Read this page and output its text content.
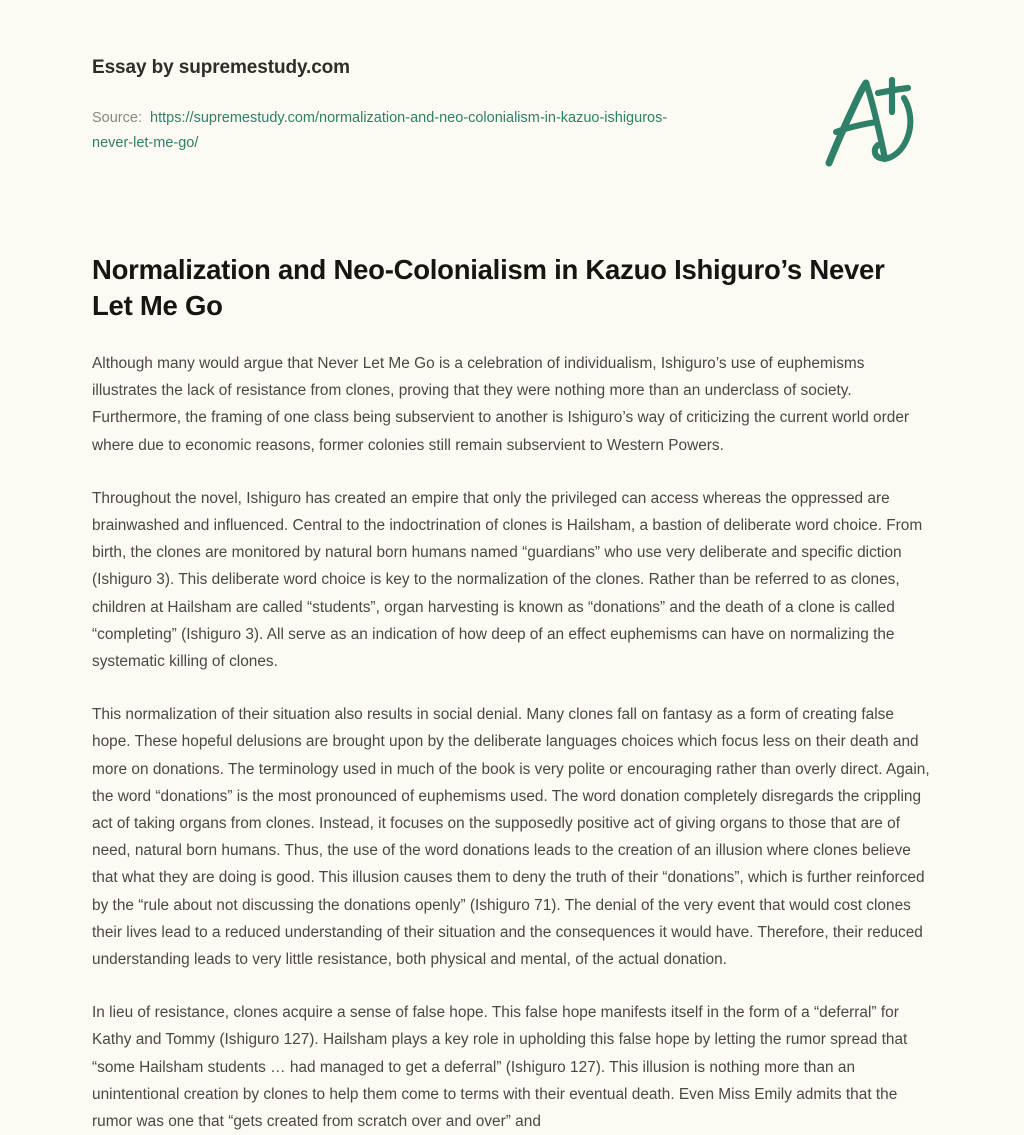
Essay by supremestudy.com
Source: https://supremestudy.com/normalization-and-neo-colonialism-in-kazuo-ishiguros-never-let-me-go/
Normalization and Neo-Colonialism in Kazuo Ishiguro’s Never Let Me Go

Although many would argue that Never Let Me Go is a celebration of individualism, Ishiguro’s use of euphemisms illustrates the lack of resistance from clones, proving that they were nothing more than an underclass of society. Furthermore, the framing of one class being subservient to another is Ishiguro’s way of criticizing the current world order where due to economic reasons, former colonies still remain subservient to Western Powers.

Throughout the novel, Ishiguro has created an empire that only the privileged can access whereas the oppressed are brainwashed and influenced. Central to the indoctrination of clones is Hailsham, a bastion of deliberate word choice. From birth, the clones are monitored by natural born humans named “guardians” who use very deliberate and specific diction (Ishiguro 3). This deliberate word choice is key to the normalization of the clones. Rather than be referred to as clones, children at Hailsham are called “students”, organ harvesting is known as “donations” and the death of a clone is called “completing” (Ishiguro 3). All serve as an indication of how deep of an effect euphemisms can have on normalizing the systematic killing of clones.

This normalization of their situation also results in social denial. Many clones fall on fantasy as a form of creating false hope. These hopeful delusions are brought upon by the deliberate languages choices which focus less on their death and more on donations. The terminology used in much of the book is very polite or encouraging rather than overly direct. Again, the word “donations” is the most pronounced of euphemisms used. The word donation completely disregards the crippling act of taking organs from clones. Instead, it focuses on the supposedly positive act of giving organs to those that are of need, natural born humans. Thus, the use of the word donations leads to the creation of an illusion where clones believe that what they are doing is good. This illusion causes them to deny the truth of their “donations”, which is further reinforced by the “rule about not discussing the donations openly” (Ishiguro 71). The denial of the very event that would cost clones their lives lead to a reduced understanding of their situation and the consequences it would have. Therefore, their reduced understanding leads to very little resistance, both physical and mental, of the actual donation.

In lieu of resistance, clones acquire a sense of false hope. This false hope manifests itself in the form of a “deferral” for Kathy and Tommy (Ishiguro 127). Hailsham plays a key role in upholding this false hope by letting the rumor spread that “some Hailsham students … had managed to get a deferral” (Ishiguro 127). This illusion is nothing more than an unintentional creation by clones to help them come to terms with their eventual death. Even Miss Emily admits that the rumor was one that “gets created from scratch over and over” and
